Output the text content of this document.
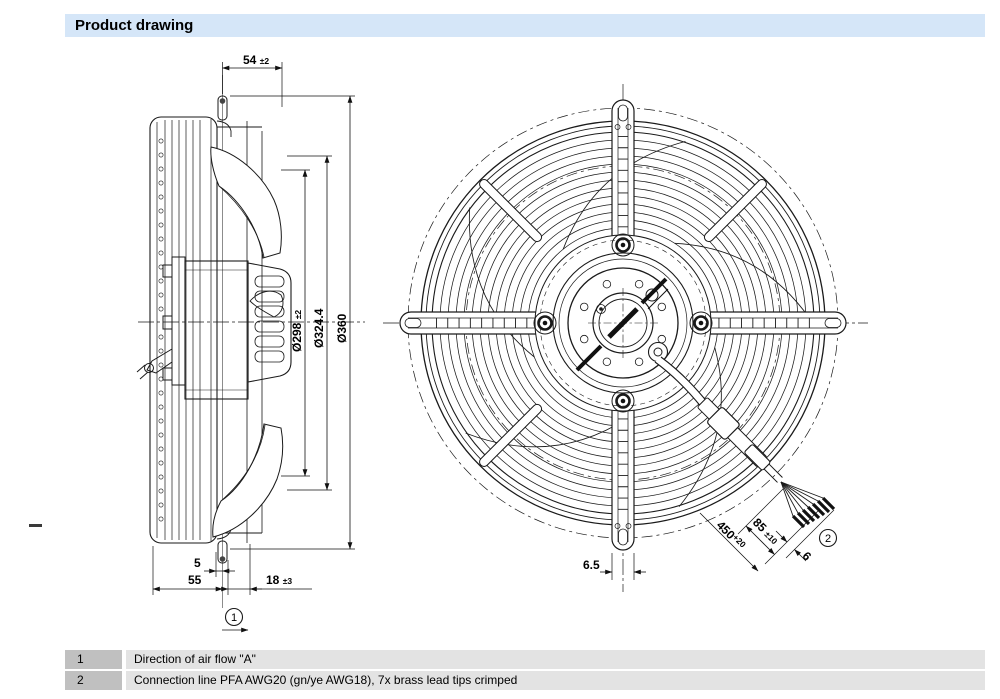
Product drawing
54 ±2
Ø298 ±2 Ø324.4 Ø360
5
55	18 ±3
1
6.5
$450^{+20}$
85 ±10
6
2
1	Direction of air flow "A"
2	Connection line PFA AWG20 (gn/ye AWG18), 7x brass lead tips crimped
